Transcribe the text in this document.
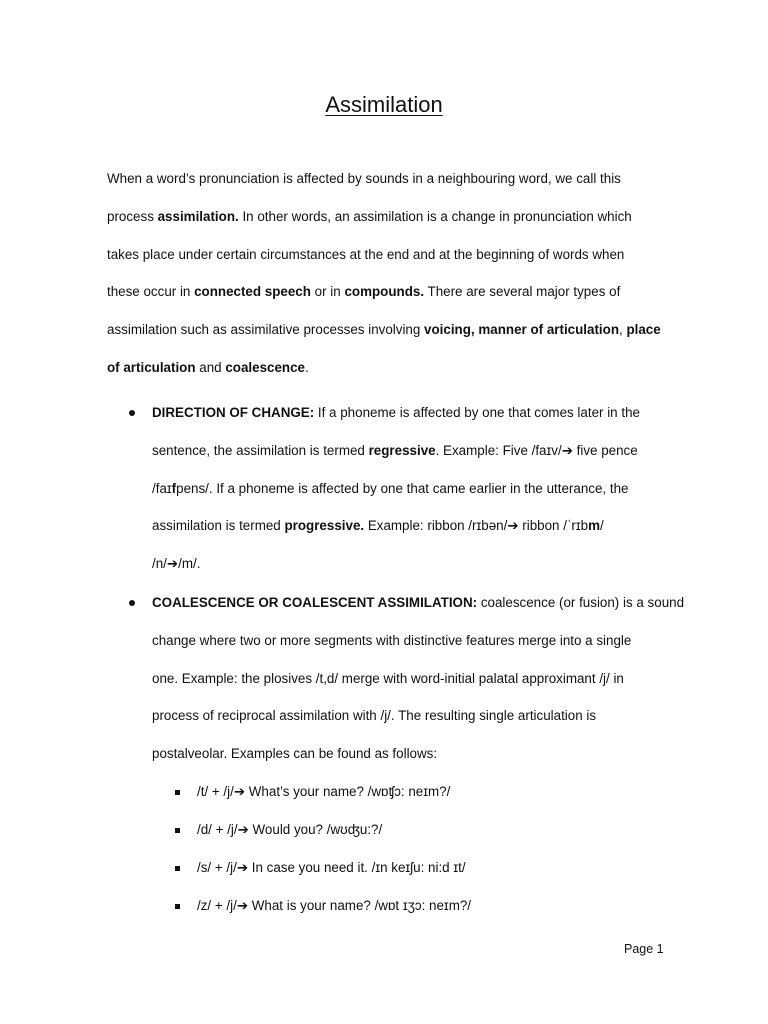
Assimilation
When a word’s pronunciation is affected by sounds in a neighbouring word, we call this
process assimilation. In other words, an assimilation is a change in pronunciation which
takes place under certain circumstances at the end and at the beginning of words when
these occur in connected speech or in compounds. There are several major types of
assimilation such as assimilative processes involving voicing, manner of articulation, place
of articulation and coalescence.
DIRECTION OF CHANGE: If a phoneme is affected by one that comes later in the
sentence, the assimilation is termed regressive. Example: Five /faɪv/➔ five pence
/faɪfpens/. If a phoneme is affected by one that came earlier in the utterance, the
assimilation is termed progressive. Example: ribbon /rɪbən/➔ ribbon /ˈrɪbm/
/n/➔/m/.
COALESCENCE OR COALESCENT ASSIMILATION: coalescence (or fusion) is a sound
change where two or more segments with distinctive features merge into a single
one. Example: the plosives /t,d/ merge with word-initial palatal approximant /j/ in
process of reciprocal assimilation with /j/. The resulting single articulation is
postalveolar. Examples can be found as follows:
/t/ + /j/➔ What’s your name? /wɒʧɔ: neɪm?/
/d/ + /j/➔ Would you? /wʊʤu:?/
/s/ + /j/➔ In case you need it. /ɪn keɪʃu: ni:d ɪt/
/z/ + /j/➔ What is your name? /wɒt ɪʒɔ: neɪm?/
Page 1
